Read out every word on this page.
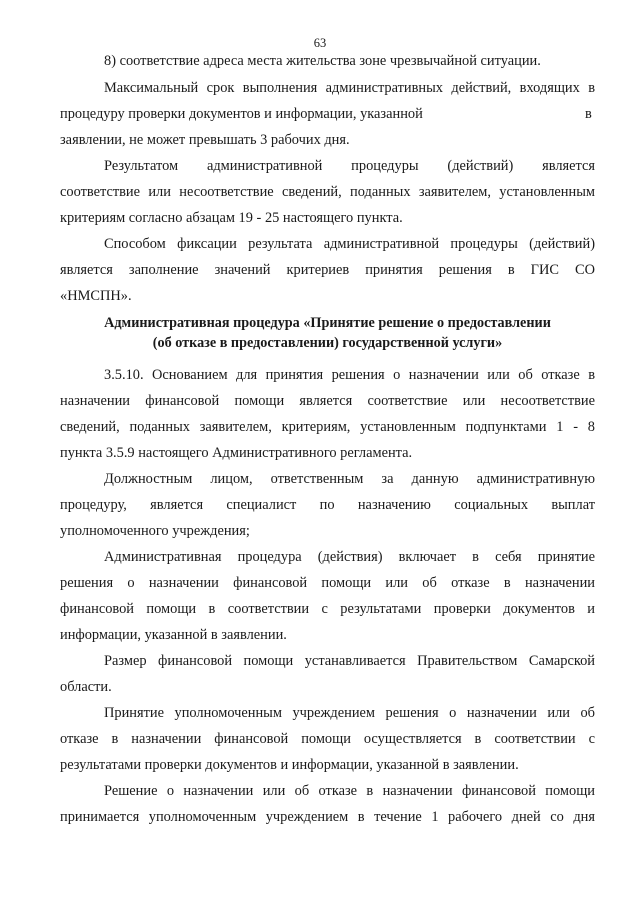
63
8) соответствие адреса места жительства зоне чрезвычайной ситуации.
Максимальный срок выполнения административных действий, входящих в
процедуру проверки документов и информации, указанной	в
заявлении, не может превышать 3 рабочих дня.
Результатом административной процедуры (действий) является
соответствие или несоответствие сведений, поданных заявителем, установленным
критериям согласно абзацам 19 - 25 настоящего пункта.
Способом фиксации результата административной процедуры (действий)
является заполнение значений критериев принятия решения в ГИС СО
«НМСПН».
Административная процедура «Принятие решение о предоставлении
(об отказе в предоставлении) государственной услуги»
3.5.10. Основанием для принятия решения о назначении или об отказе в
назначении финансовой помощи является соответствие или несоответствие
сведений, поданных заявителем, критериям, установленным подпунктами 1 - 8
пункта 3.5.9 настоящего Административного регламента.
Должностным лицом, ответственным за данную административную
процедуру, является специалист по назначению социальных выплат
уполномоченного учреждения;
Административная процедура (действия) включает в себя принятие
решения о назначении финансовой помощи или об отказе в назначении
финансовой помощи в соответствии с результатами проверки документов и
информации, указанной в заявлении.
Размер финансовой помощи устанавливается Правительством Самарской
области.
Принятие уполномоченным учреждением решения о назначении или об
отказе в назначении финансовой помощи осуществляется в соответствии с
результатами проверки документов и информации, указанной в заявлении.
Решение о назначении или об отказе в назначении финансовой помощи
принимается уполномоченным учреждением в течение 1 рабочего дней со дня
